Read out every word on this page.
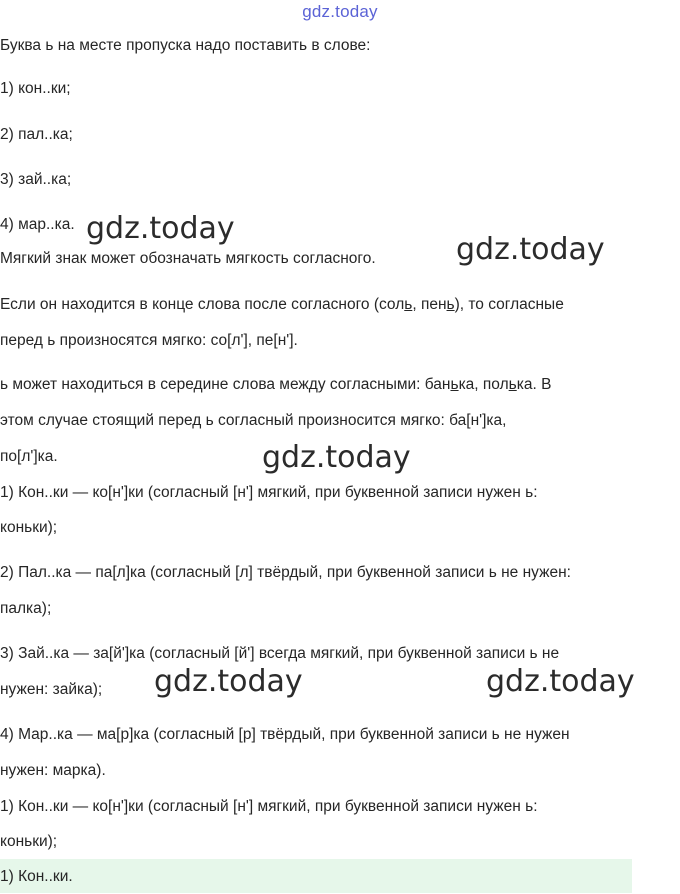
gdz.today
Буква ь на месте пропуска надо поставить в слове:
1) кон..ки;
2) пал..ка;
3) зай..ка;
4) мар..ка.
Мягкий знак может обозначать мягкость согласного.
Если он находится в конце слова после согласного (соль, пень), то согласные
перед ь произносятся мягко: со[л'], пе[н'].
ь может находиться в середине слова между согласными: банька, полька. В
этом случае стоящий перед ь согласный произносится мягко: ба[н']ка,
по[л']ка.
1) Кон..ки — ко[н']ки (согласный [н'] мягкий, при буквенной записи нужен ь:
коньки);
2) Пал..ка — па[л]ка (согласный [л] твёрдый, при буквенной записи ь не нужен:
палка);
3) Зай..ка — за[й']ка (согласный [й'] всегда мягкий, при буквенной записи ь не
нужен: зайка);
4) Мар..ка — ма[р]ка (согласный [р] твёрдый, при буквенной записи ь не нужен
нужен: марка).
1) Кон..ки — ко[н']ки (согласный [н'] мягкий, при буквенной записи нужен ь:
коньки);
1) Кон..ки.
gdz.today
gdz.today
gdz.today
gdz.today	gdz.today
